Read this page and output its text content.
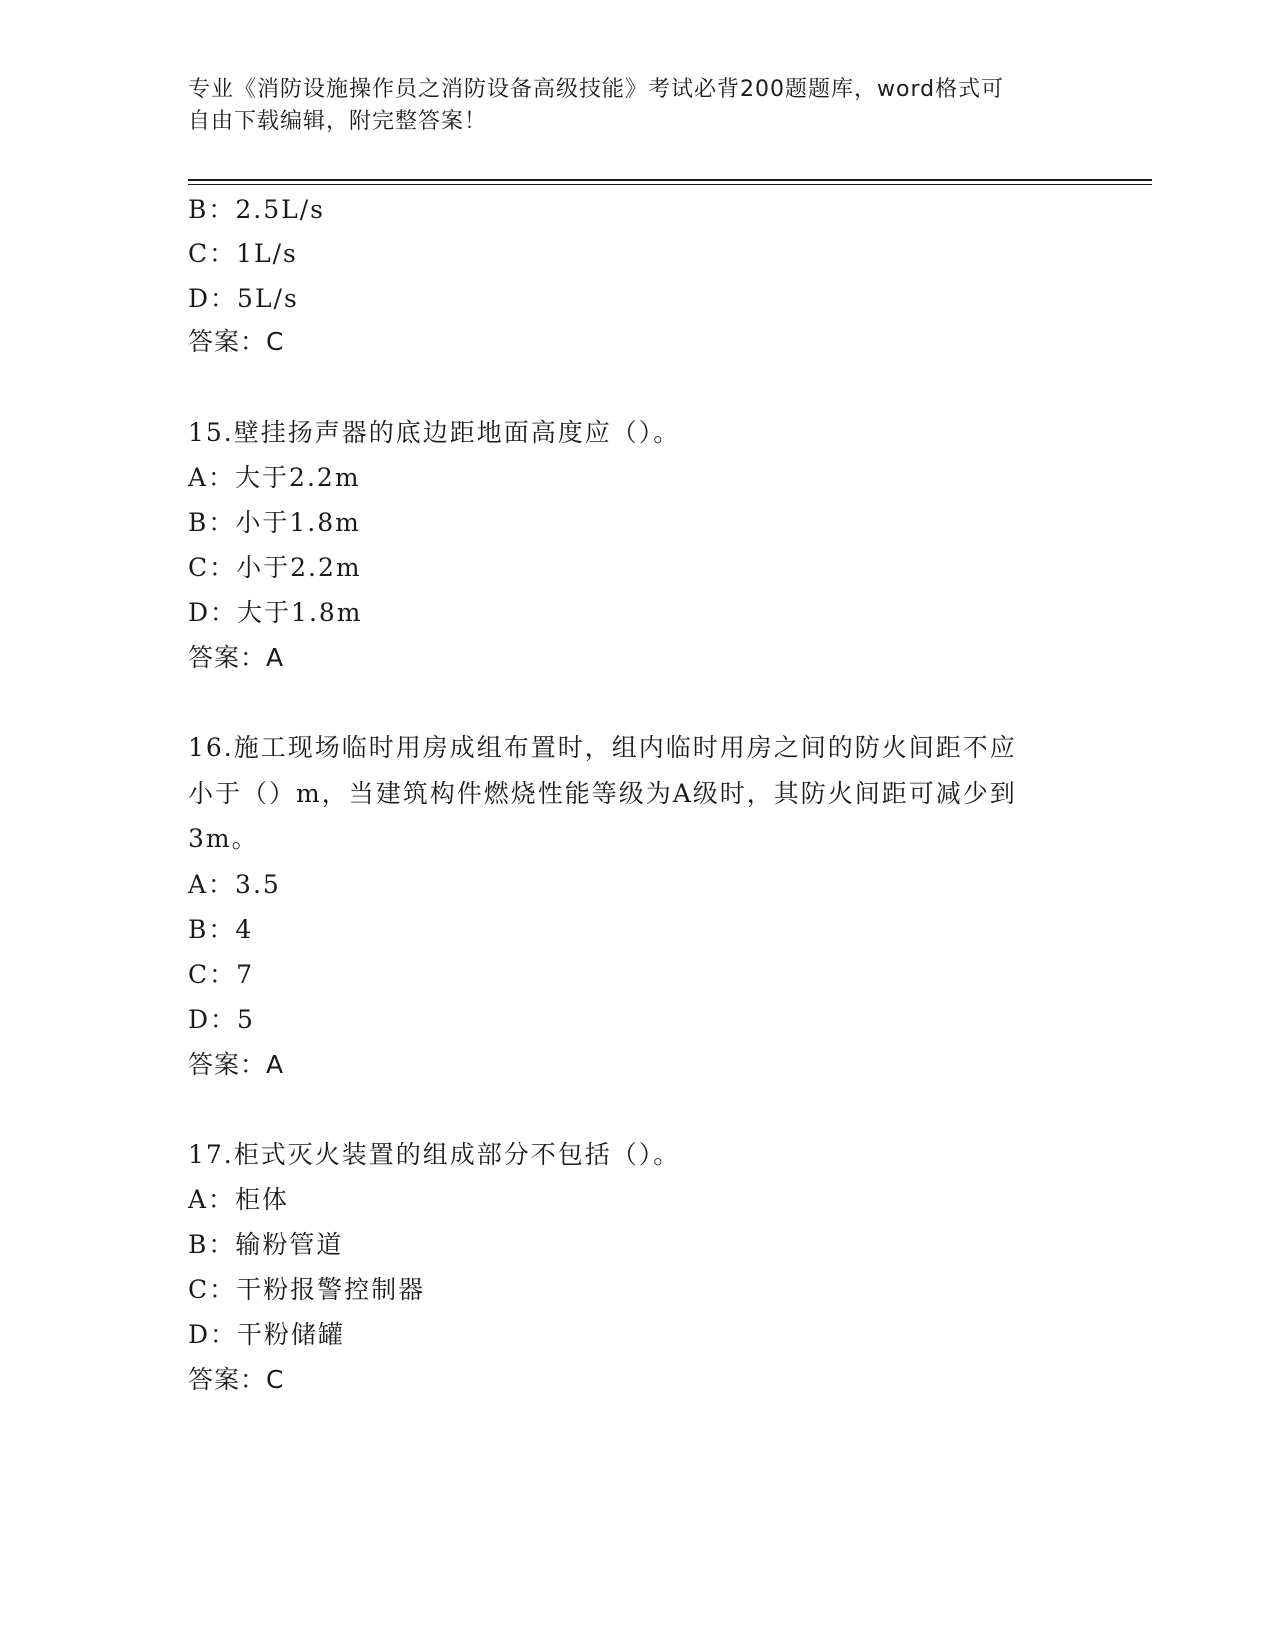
专业《消防设施操作员之消防设备高级技能》考试必背200题题库，word格式可
自由下载编辑，附完整答案！
B：2.5L/s
C：1L/s
D：5L/s
答案：C
15.壁挂扬声器的底边距地面高度应（）。
A：大于2.2m
B：小于1.8m
C：小于2.2m
D：大于1.8m
答案：A
16.施工现场临时用房成组布置时，组内临时用房之间的防火间距不应
小于（）m，当建筑构件燃烧性能等级为A级时，其防火间距可减少到
3m。
A：3.5
B：4
C：7
D：5
答案：A
17.柜式灭火装置的组成部分不包括（）。
A：柜体
B：输粉管道
C：干粉报警控制器
D：干粉储罐
答案：C
